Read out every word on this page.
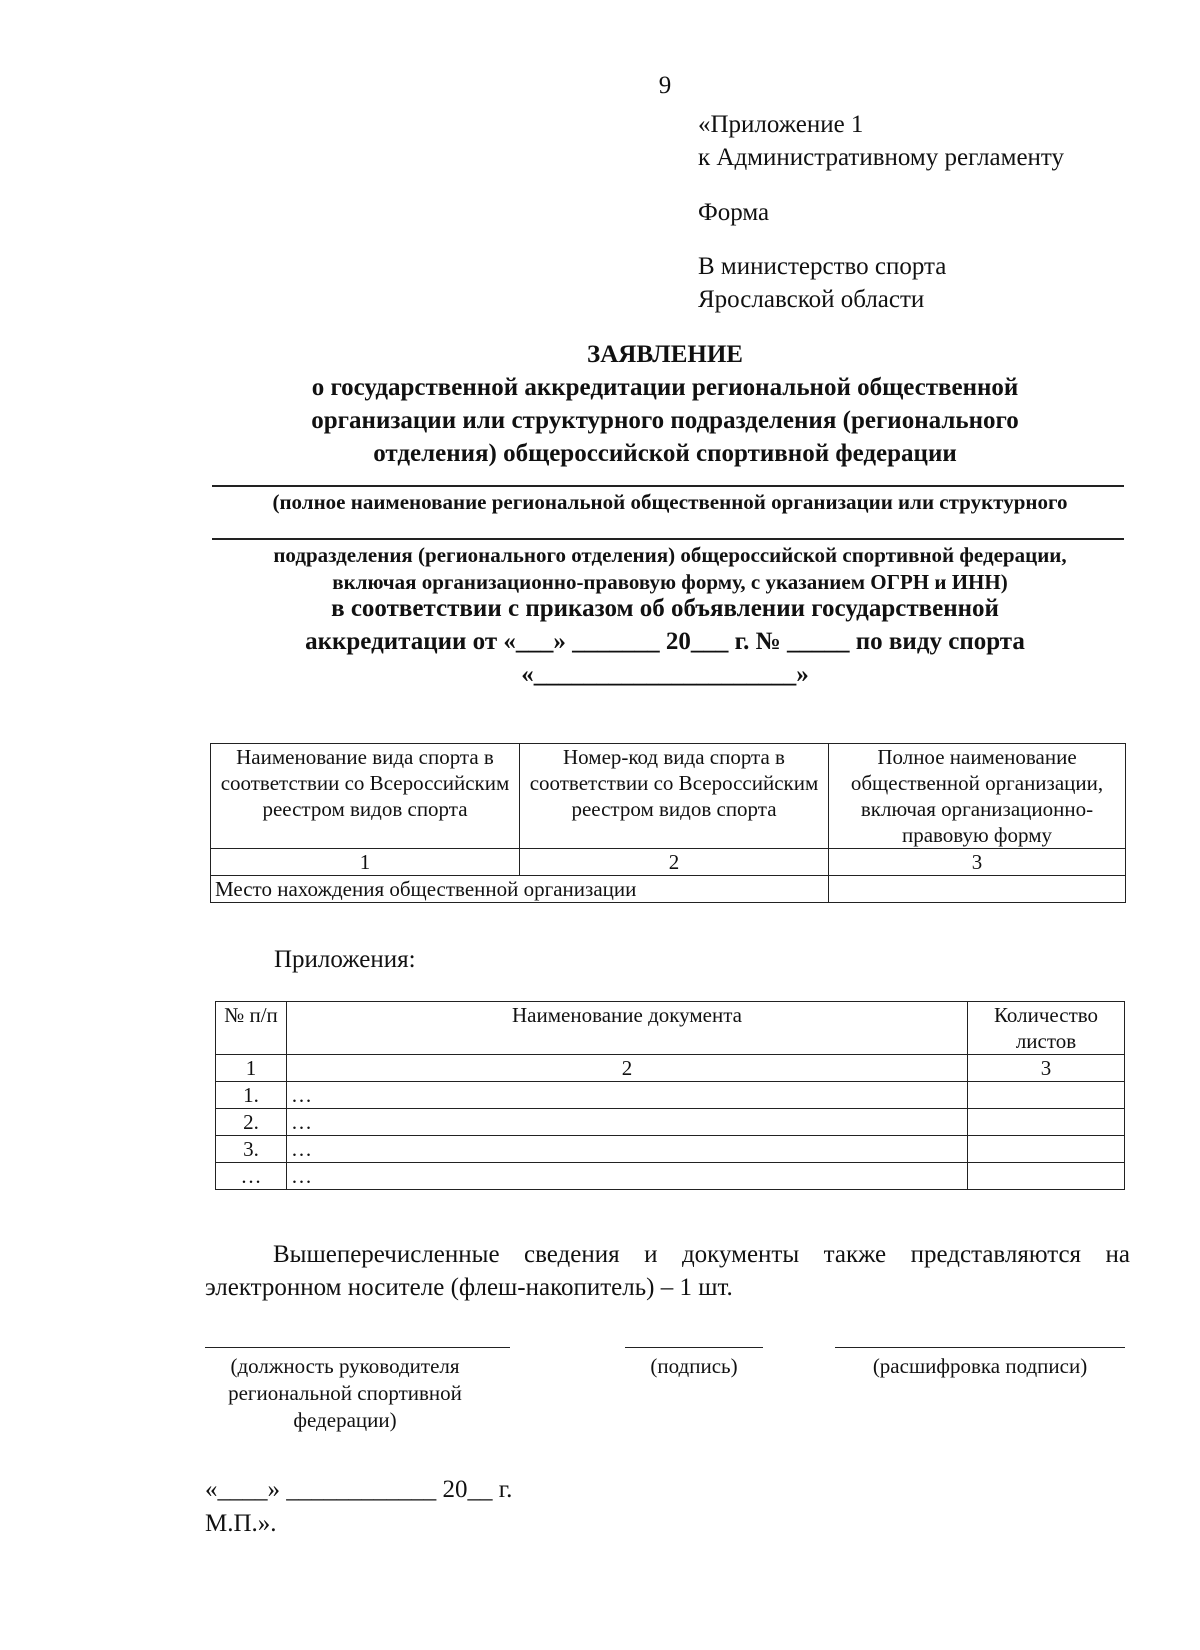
9
«Приложение 1
к Административному регламенту
Форма
В министерство спорта
Ярославской области
ЗАЯВЛЕНИЕ
о государственной аккредитации региональной общественной
организации или структурного подразделения (регионального
отделения) общероссийской спортивной федерации
(полное наименование региональной общественной организации или структурного
подразделения (регионального отделения) общероссийской спортивной федерации,
включая организационно-правовую форму, с указанием ОГРН и ИНН)
в соответствии с приказом об объявлении государственной
аккредитации от «___» _______ 20___ г. № _____ по виду спорта
«_____________________»
Наименование вида спорта в соответствии со Всероссийским реестром видов спорта	Номер-код вида спорта в соответствии со Всероссийским реестром видов спорта	Полное наименование общественной организации, включая организационно-правовую форму
1	2	3
Место нахождения общественной организации		
Приложения:
№ п/п	Наименование документа	Количество листов
1	2	3
1.	…	
2.	…	
3.	…	
…	…	
Вышеперечисленные сведения и документы также представляются на электронном носителе (флеш-накопитель) – 1 шт.
(должность руководителя региональной спортивной федерации)
(подпись)	(расшифровка подписи)
«____» ____________ 20__ г.
М.П.».
